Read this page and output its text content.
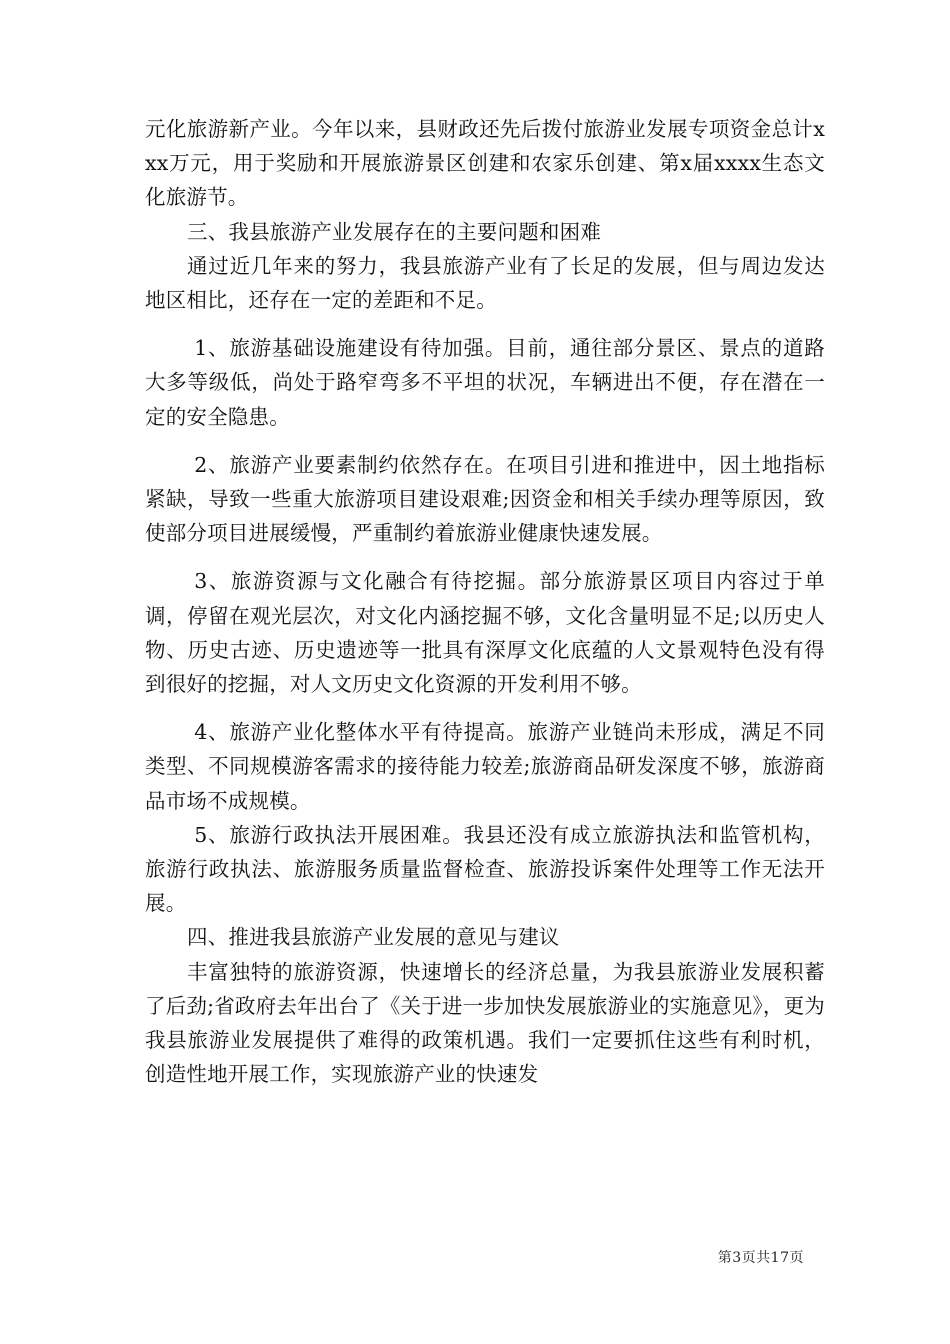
元化旅游新产业。今年以来，县财政还先后拨付旅游业发展专项资金总计xxx万元，用于奖励和开展旅游景区创建和农家乐创建、第x届xxxx生态文化旅游节。

三、我县旅游产业发展存在的主要问题和困难

通过近几年来的努力，我县旅游产业有了长足的发展，但与周边发达地区相比，还存在一定的差距和不足。

1、旅游基础设施建设有待加强。目前，通往部分景区、景点的道路大多等级低，尚处于路窄弯多不平坦的状况，车辆进出不便，存在潜在一定的安全隐患。

2、旅游产业要素制约依然存在。在项目引进和推进中，因土地指标紧缺，导致一些重大旅游项目建设艰难;因资金和相关手续办理等原因，致使部分项目进展缓慢，严重制约着旅游业健康快速发展。

3、旅游资源与文化融合有待挖掘。部分旅游景区项目内容过于单调，停留在观光层次，对文化内涵挖掘不够，文化含量明显不足;以历史人物、历史古迹、历史遗迹等一批具有深厚文化底蕴的人文景观特色没有得到很好的挖掘，对人文历史文化资源的开发利用不够。

4、旅游产业化整体水平有待提高。旅游产业链尚未形成，满足不同类型、不同规模游客需求的接待能力较差;旅游商品研发深度不够，旅游商品市场不成规模。

5、旅游行政执法开展困难。我县还没有成立旅游执法和监管机构，旅游行政执法、旅游服务质量监督检查、旅游投诉案件处理等工作无法开展。

四、推进我县旅游产业发展的意见与建议

丰富独特的旅游资源，快速增长的经济总量，为我县旅游业发展积蓄了后劲;省政府去年出台了《关于进一步加快发展旅游业的实施意见》，更为我县旅游业发展提供了难得的政策机遇。我们一定要抓住这些有利时机，创造性地开展工作，实现旅游产业的快速发

第3页共17页
